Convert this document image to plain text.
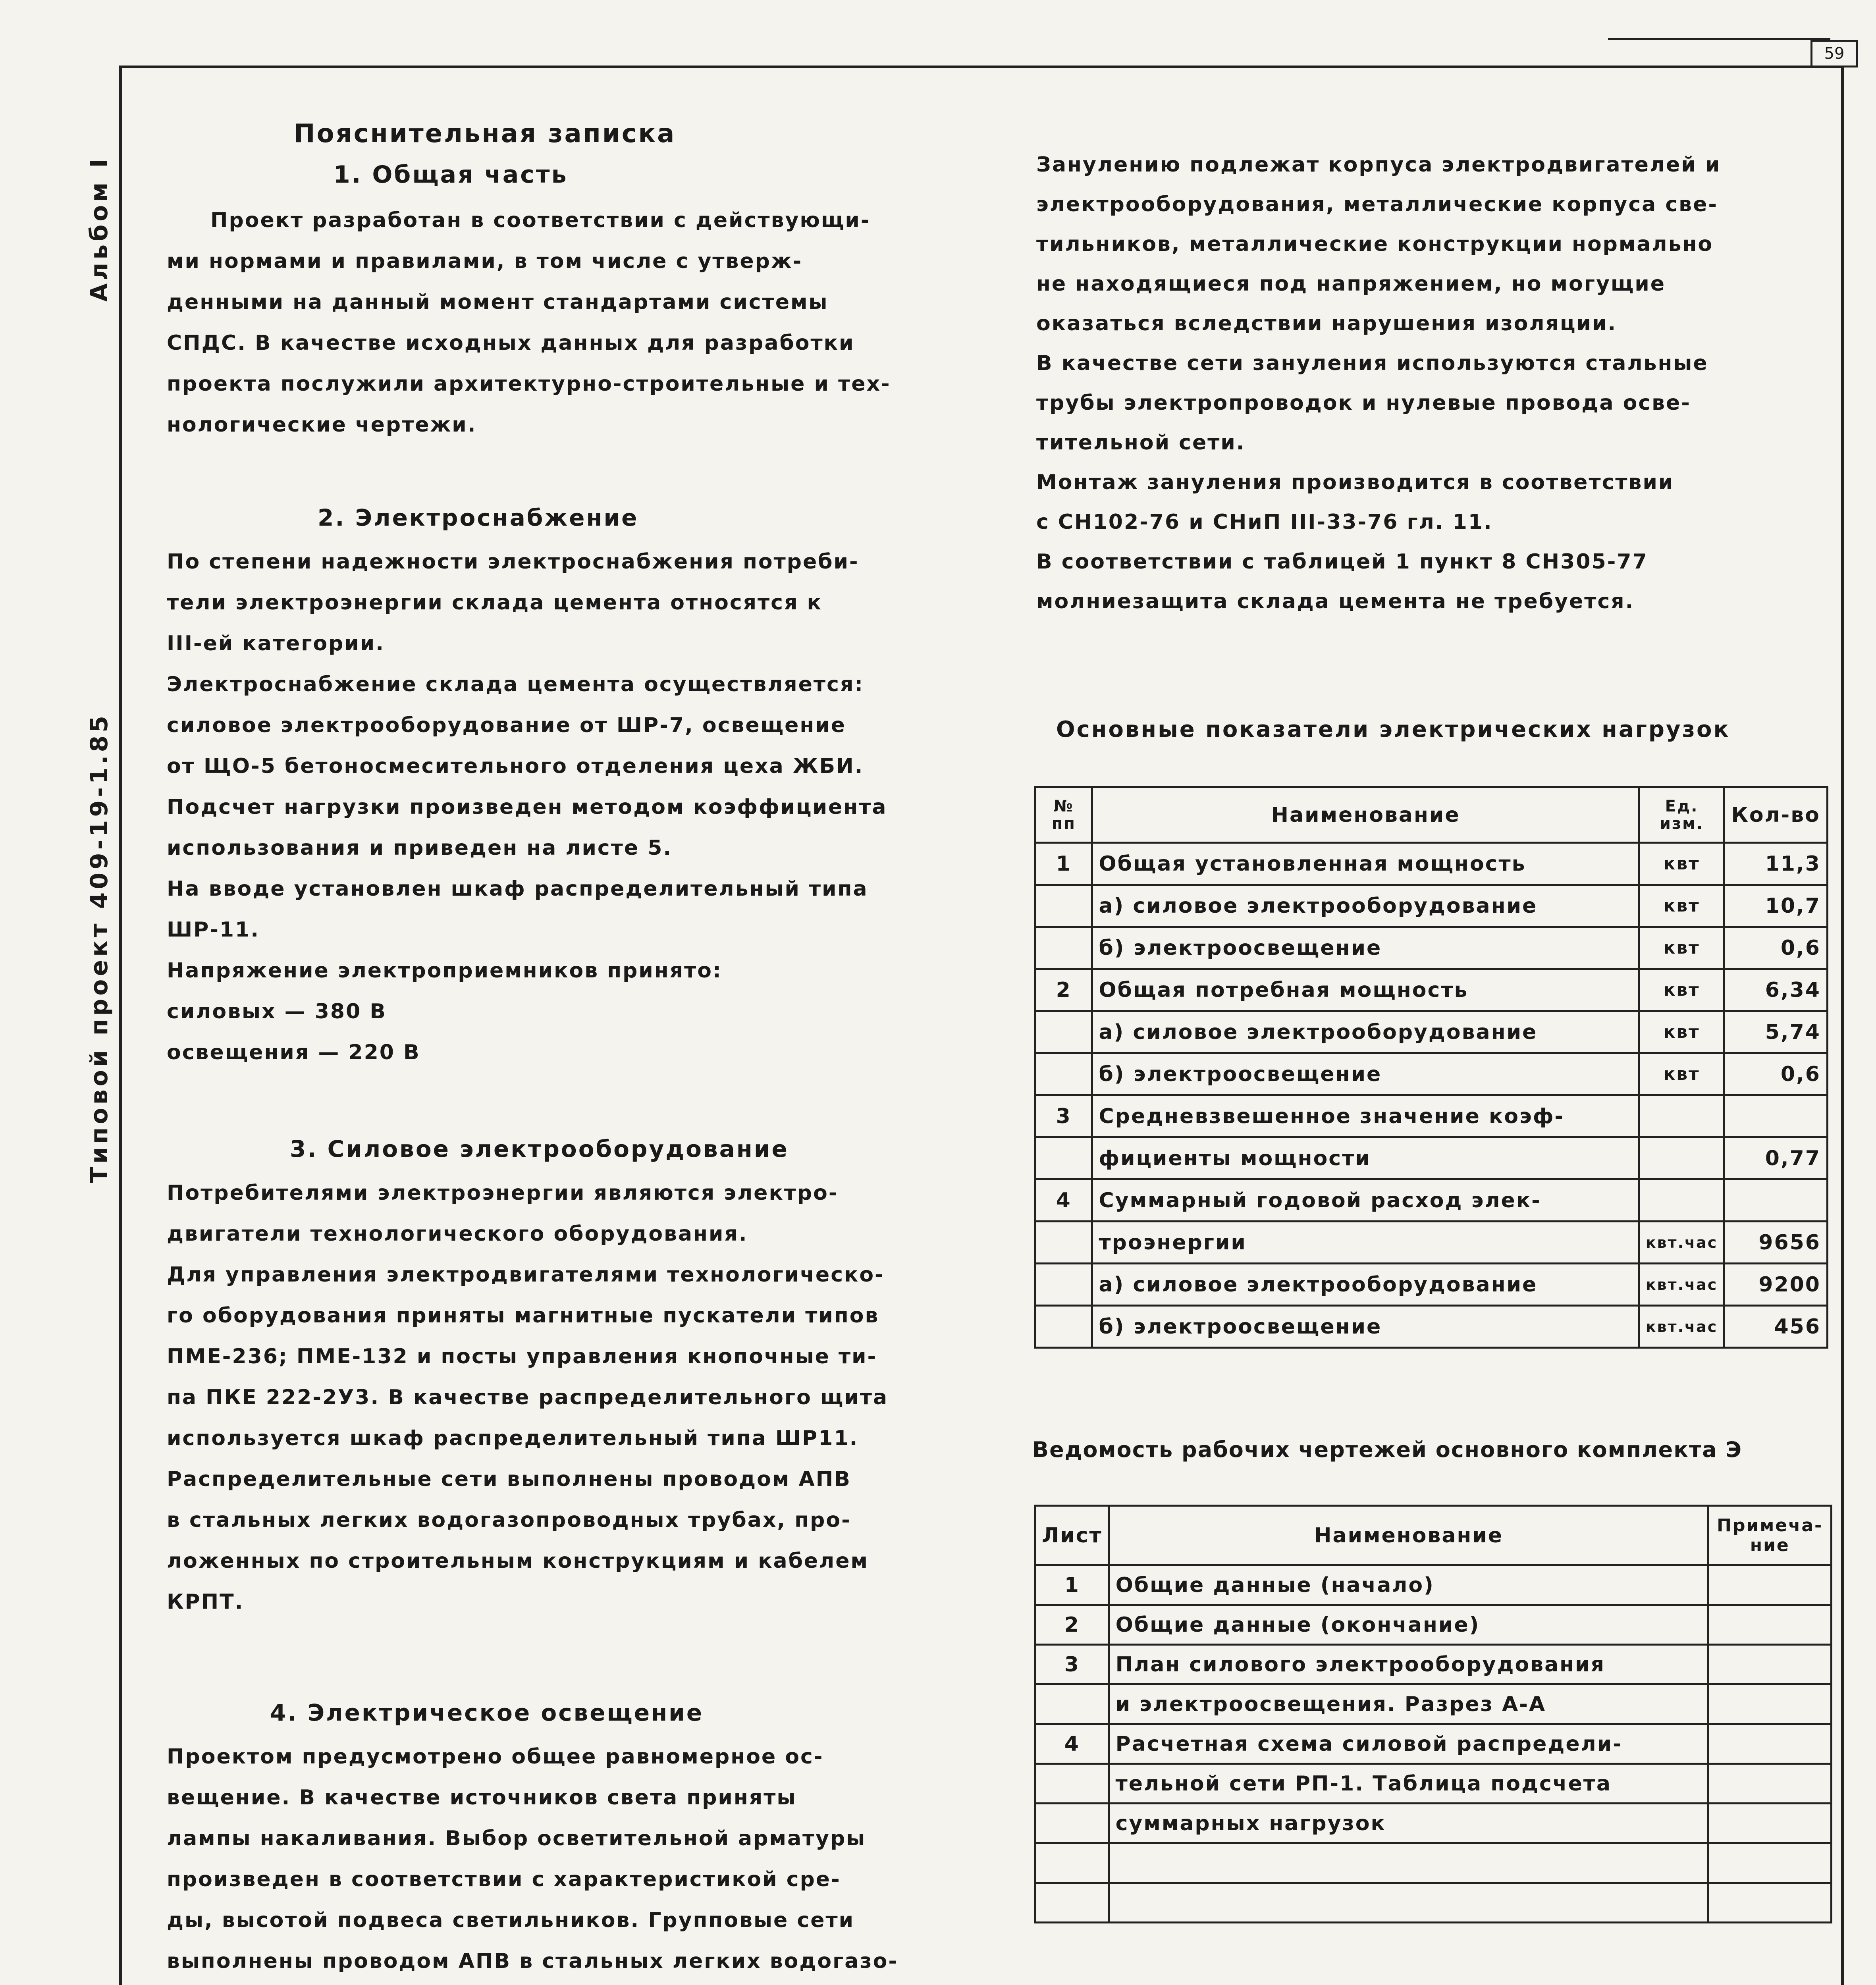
59
Альбом I
Типовой проект 409-19-1.85
Пояснительная записка
1. Общая часть
Проект разработан в соответствии с действующи-
ми нормами и правилами, в том числе с утверж-
денными на данный момент стандартами системы
СПДС. В качестве исходных данных для разработки
проекта послужили архитектурно-строительные и тех-
нологические чертежи.
2. Электроснабжение
По степени надежности электроснабжения потреби-
тели электроэнергии склада цемента относятся к
III-ей категории.
Электроснабжение склада цемента осуществляется:
силовое электрооборудование от ШР-7, освещение
от ЩО-5 бетоносмесительного отделения цеха ЖБИ.
Подсчет нагрузки произведен методом коэффициента
использования и приведен на листе 5.
На вводе установлен шкаф распределительный типа
ШР-11.
Напряжение электроприемников принято:
силовых — 380 В
освещения — 220 В
3. Силовое электрооборудование
Потребителями электроэнергии являются электро-
двигатели технологического оборудования.
Для управления электродвигателями технологическо-
го оборудования приняты магнитные пускатели типов
ПМЕ-236; ПМЕ-132 и посты управления кнопочные ти-
па ПКЕ 222-2У3. В качестве распределительного щита
используется шкаф распределительный типа ШР11.
Распределительные сети выполнены проводом АПВ
в стальных легких водогазопроводных трубах, про-
ложенных по строительным конструкциям и кабелем
КРПТ.
4. Электрическое освещение
Проектом предусмотрено общее равномерное ос-
вещение. В качестве источников света приняты
лампы накаливания. Выбор осветительной арматуры
произведен в соответствии с характеристикой сре-
ды, высотой подвеса светильников. Групповые сети
выполнены проводом АПВ в стальных легких водогазо-
Занулению подлежат корпуса электродвигателей и
электрооборудования, металлические корпуса све-
тильников, металлические конструкции нормально
не находящиеся под напряжением, но могущие
оказаться вследствии нарушения изоляции.
В качестве сети зануления используются стальные
трубы электропроводок и нулевые провода осве-
тительной сети.
Монтаж зануления производится в соответствии
с СН102-76 и СНиП III-33-76 гл. 11.
В соответствии с таблицей 1 пункт 8 СН305-77
молниезащита склада цемента не требуется.
Основные показатели электрических нагрузок
№ пп	Наименование	Ед. изм.	Кол-во
1	Общая установленная мощность	квт	11,3
	а) силовое электрооборудование	квт	10,7
	б) электроосвещение	квт	0,6
2	Общая потребная мощность	квт	6,34
	а) силовое электрооборудование	квт	5,74
	б) электроосвещение	квт	0,6
3	Средневзвешенное значение коэф-		
	фициенты мощности		0,77
4	Суммарный годовой расход элек-		
	троэнергии	квт.час	9656
	а) силовое электрооборудование	квт.час	9200
	б) электроосвещение	квт.час	456
Ведомость рабочих чертежей основного комплекта Э
Лист	Наименование	Примеча- ние
1	Общие данные (начало)	
2	Общие данные (окончание)	
3	План силового электрооборудования	
	и электроосвещения. Разрез А-А	
4	Расчетная схема силовой распредели-	
	тельной сети РП-1. Таблица подсчета	
	суммарных нагрузок	
